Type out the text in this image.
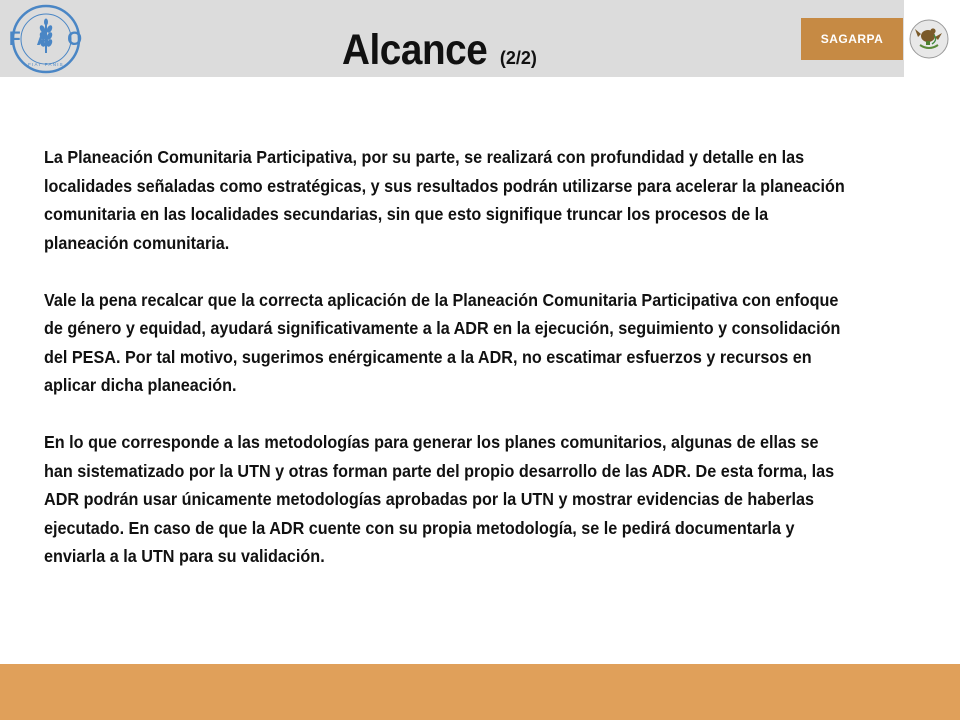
FAO
FIAT PANIS	Alcance (2/2)
SAGARPA

La Planeación Comunitaria Participativa, por su parte, se realizará con profundidad y detalle en las localidades señaladas como estratégicas, y sus resultados podrán utilizarse para acelerar la planeación comunitaria en las localidades secundarias, sin que esto signifique truncar los procesos de la planeación comunitaria.

Vale la pena recalcar que la correcta aplicación de la Planeación Comunitaria Participativa con enfoque de género y equidad, ayudará significativamente a la ADR en la ejecución, seguimiento y consolidación del PESA. Por tal motivo, sugerimos enérgicamente a la ADR, no escatimar esfuerzos y recursos en aplicar dicha planeación.

En lo que corresponde a las metodologías para generar los planes comunitarios, algunas de ellas se han sistematizado por la UTN y otras forman parte del propio desarrollo de las ADR. De esta forma, las ADR podrán usar únicamente metodologías aprobadas por la UTN y mostrar evidencias de haberlas ejecutado. En caso de que la ADR cuente con su propia metodología, se le pedirá documentarla y enviarla a la UTN para su validación.
